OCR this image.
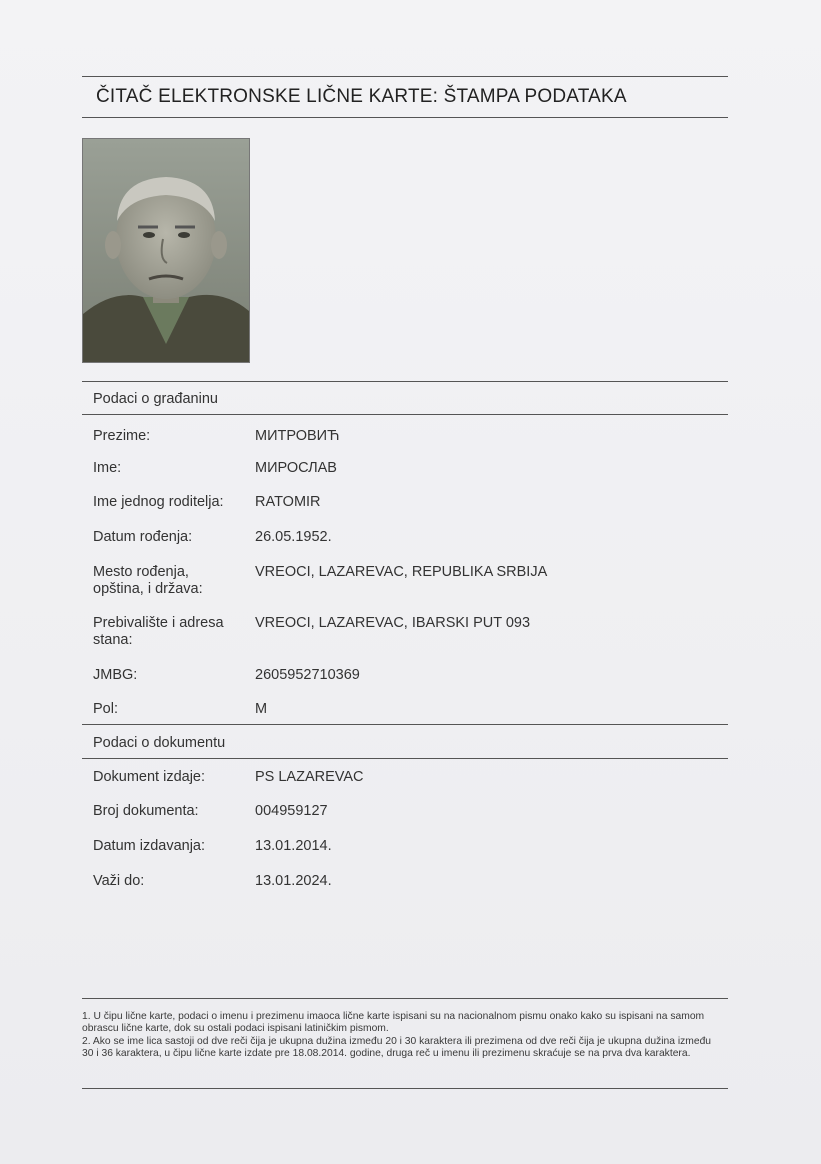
ČITAČ ELEKTRONSKE LIČNE KARTE: ŠTAMPA PODATAKA
Podaci o građaninu
Prezime:	МИТРОВИЋ
Ime:	МИРОСЛАВ
Ime jednog roditelja:	RATOMIR
Datum rođenja:	26.05.1952.
Mesto rođenja, opština, i država:
VREOCI, LAZAREVAC, REPUBLIKA SRBIJA
Prebivalište i adresa stana:
VREOCI, LAZAREVAC, IBARSKI PUT 093
JMBG:	2605952710369
Pol:	M
Podaci o dokumentu
Dokument izdaje:	PS LAZAREVAC
Broj dokumenta:	004959127
Datum izdavanja:	13.01.2014.
Važi do:	13.01.2024.

1. U čipu lične karte, podaci o imenu i prezimenu imaoca lične karte ispisani su na nacionalnom pismu onako kako su ispisani na samom obrascu lične karte, dok su ostali podaci ispisani latiničkim pismom.

2. Ako se ime lica sastoji od dve reči čija je ukupna dužina između 20 i 30 karaktera ili prezimena od dve reči čija je ukupna dužina između 30 i 36 karaktera, u čipu lične karte izdate pre 18.08.2014. godine, druga reč u imenu ili prezimenu skraćuje se na prva dva karaktera.
